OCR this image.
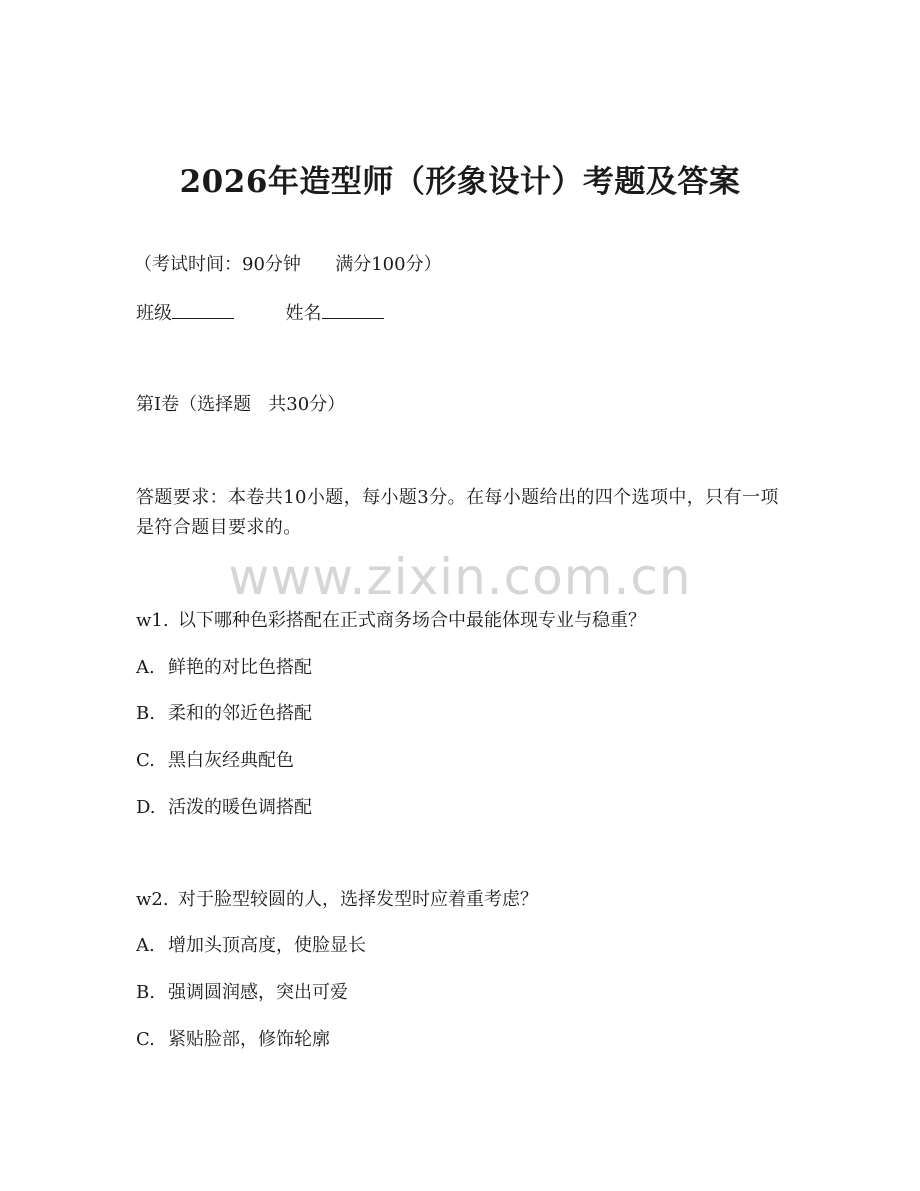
www.zixin.com.cn
2026年造型师（形象设计）考题及答案

（考试时间：90分钟      满分100分）

班级	姓名

第Ⅰ卷（选择题   共30分）

答题要求：本卷共10小题，每小题3分。在每小题给出的四个选项中，只有一项是符合题目要求的。

w1. 以下哪种色彩搭配在正式商务场合中最能体现专业与稳重？

A. 鲜艳的对比色搭配

B. 柔和的邻近色搭配

C. 黑白灰经典配色

D. 活泼的暖色调搭配

w2. 对于脸型较圆的人，选择发型时应着重考虑？

A. 增加头顶高度，使脸显长

B. 强调圆润感，突出可爱

C. 紧贴脸部，修饰轮廓
